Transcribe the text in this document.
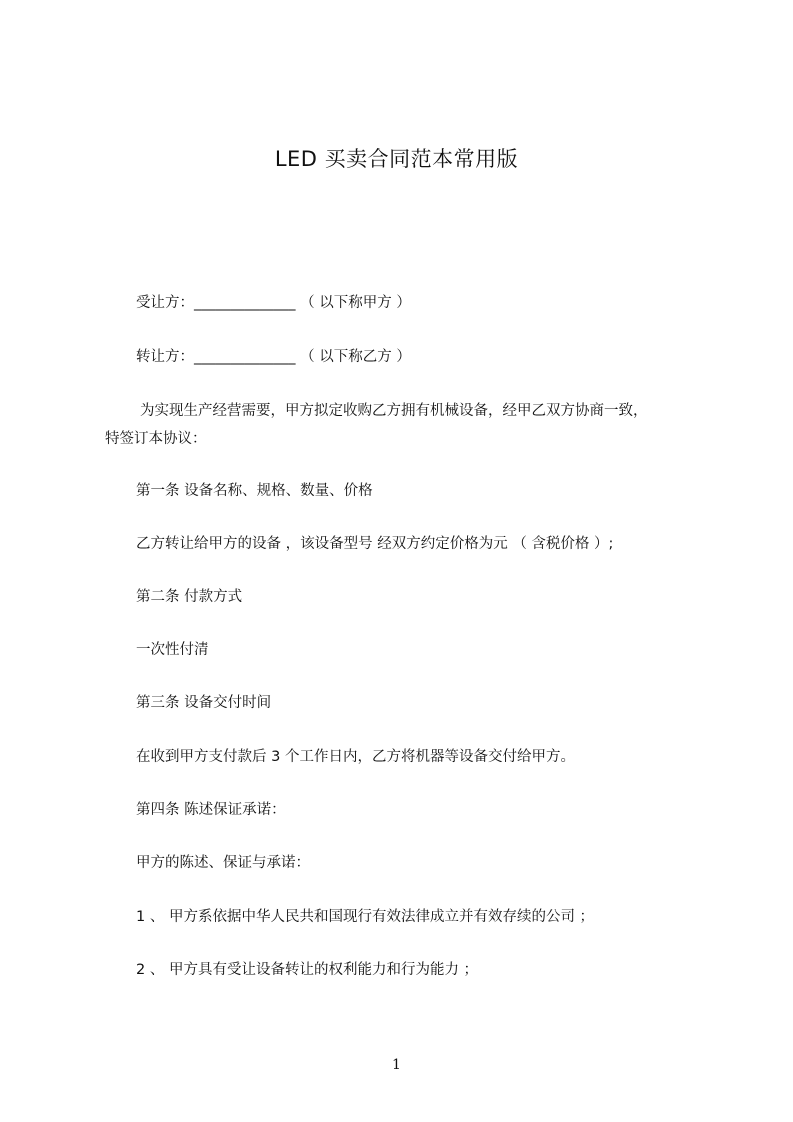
LED 买卖合同范本常用版
受让方：______________ （ 以下称甲方 ）
转让方：______________ （ 以下称乙方 ）
为实现生产经营需要，甲方拟定收购乙方拥有机械设备，经甲乙双方协商一致，
特签订本协议：
第一条 设备名称、规格、数量、价格
乙方转让给甲方的设备 ，该设备型号 经双方约定价格为元 （ 含税价格 ）;
第二条 付款方式
一次性付清
第三条 设备交付时间
在收到甲方支付款后 3 个工作日内，乙方将机器等设备交付给甲方。
第四条 陈述保证承诺：
甲方的陈述、保证与承诺：
1 、 甲方系依据中华人民共和国现行有效法律成立并有效存续的公司 ；
2 、 甲方具有受让设备转让的权利能力和行为能力 ；
1
